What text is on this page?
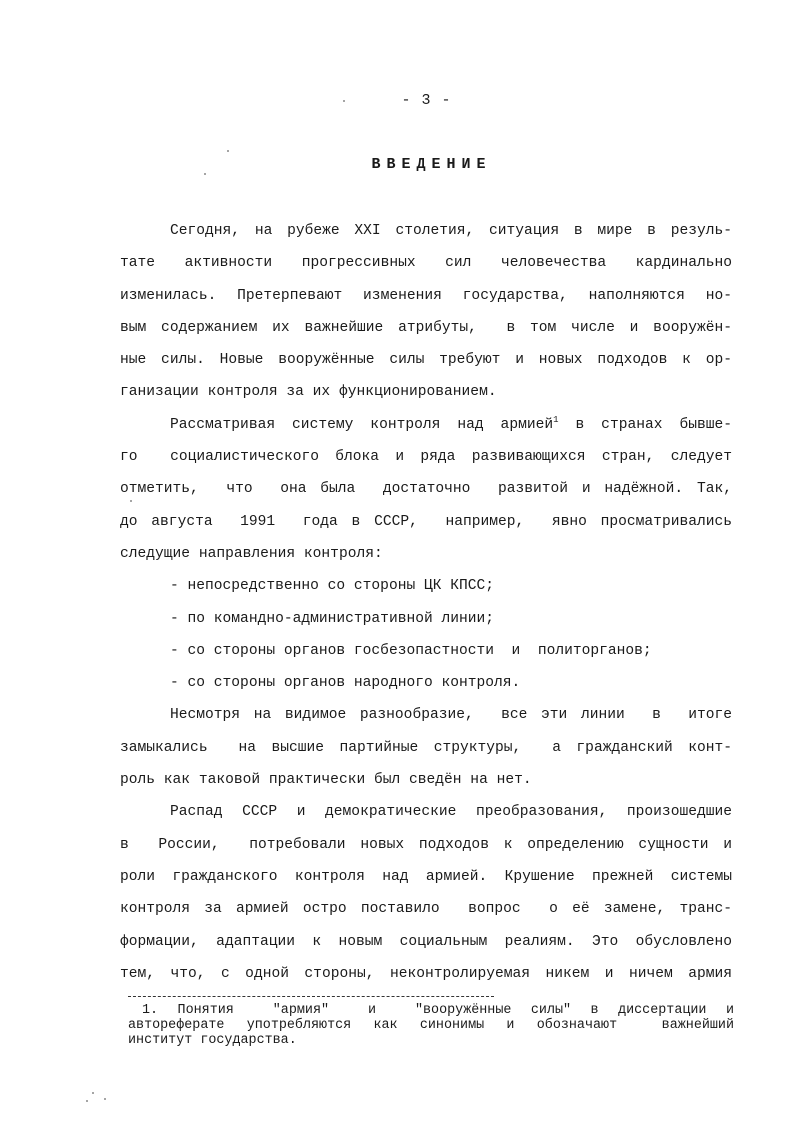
- 3 -
ВВЕДЕНИЕ
Сегодня, на рубеже XXI столетия, ситуация в мире в резуль-
тате  активности  прогрессивных  сил  человечества  кардинально
изменилась. Претерпевают изменения государства, наполняются но-
вым содержанием их важнейшие атрибуты,  в том числе и вооружён-
ные силы. Новые вооружённые силы требуют и новых подходов к ор-
ганизации контроля за их функционированием.
Рассматривая систему контроля над армией$^1$ в странах бывше-
го  социалистического блока и ряда развивающихся стран, следует
отметить,  что  она была  достаточно  развитой и надёжной. Так,
до августа  1991  года в СССР,  например,  явно просматривались
следущие направления контроля:
- непосредственно со стороны ЦК КПСС;
- по командно-административной линии;
- со стороны органов госбезопастности  и  политорганов;
- со стороны органов народного контроля.
Несмотря на видимое разнообразие,  все эти линии  в  итоге
замыкались  на высшие партийные структуры,  а гражданский конт-
роль как таковой практически был сведён на нет.
Распад СССР и демократические преобразования, произошедшие
в  России,  потребовали новых подходов к определению сущности и
роли гражданского контроля над армией. Крушение прежней системы
контроля за армией остро поставило  вопрос  о её замене, транс-
формации, адаптации к новым социальным реалиям. Это обусловлено
тем, что, с одной стороны, неконтролируемая никем и ничем армия
1. Понятия  "армия"  и  "вооружённые силы" в диссертации и
автореферате употребляются как синонимы и обозначают  важнейший
институт государства.
